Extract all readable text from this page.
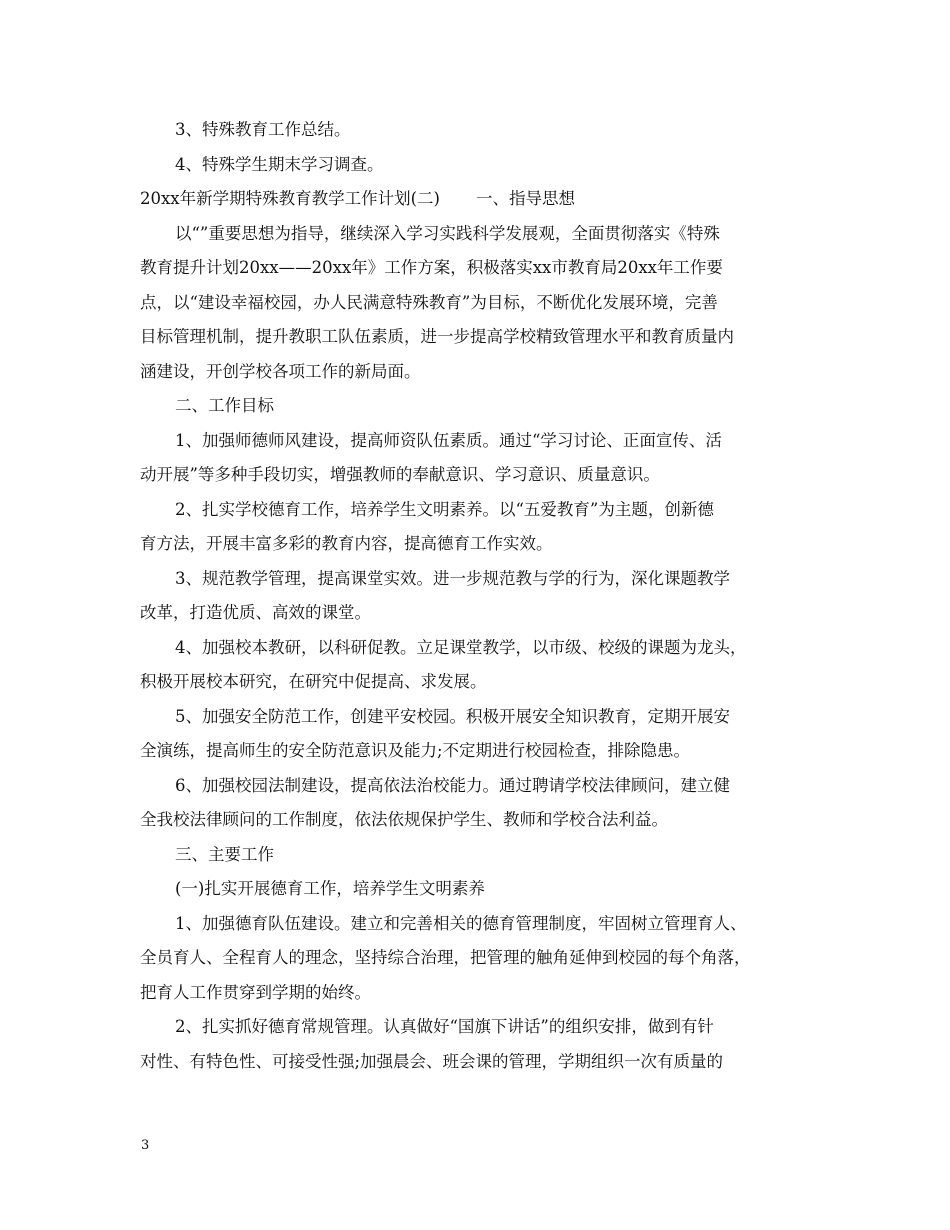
3、特殊教育工作总结。
4、特殊学生期末学习调查。
20xx年新学期特殊教育教学工作计划(二) 一、指导思想
以“”重要思想为指导，继续深入学习实践科学发展观，全面贯彻落实《特殊
教育提升计划20xx——20xx年》工作方案，积极落实xx市教育局20xx年工作要
点，以“建设幸福校园，办人民满意特殊教育”为目标，不断优化发展环境，完善
目标管理机制，提升教职工队伍素质，进一步提高学校精致管理水平和教育质量内
涵建设，开创学校各项工作的新局面。
二、工作目标
1、加强师德师风建设，提高师资队伍素质。通过“学习讨论、正面宣传、活
动开展”等多种手段切实，增强教师的奉献意识、学习意识、质量意识。
2、扎实学校德育工作，培养学生文明素养。以“五爱教育”为主题，创新德
育方法，开展丰富多彩的教育内容，提高德育工作实效。
3、规范教学管理，提高课堂实效。进一步规范教与学的行为，深化课题教学
改革，打造优质、高效的课堂。
4、加强校本教研，以科研促教。立足课堂教学，以市级、校级的课题为龙头，
积极开展校本研究，在研究中促提高、求发展。
5、加强安全防范工作，创建平安校园。积极开展安全知识教育，定期开展安
全演练，提高师生的安全防范意识及能力;不定期进行校园检查，排除隐患。
6、加强校园法制建设，提高依法治校能力。通过聘请学校法律顾问，建立健
全我校法律顾问的工作制度，依法依规保护学生、教师和学校合法利益。
三、主要工作
(一)扎实开展德育工作，培养学生文明素养
1、加强德育队伍建设。建立和完善相关的德育管理制度，牢固树立管理育人、
全员育人、全程育人的理念，坚持综合治理，把管理的触角延伸到校园的每个角落，
把育人工作贯穿到学期的始终。
2、扎实抓好德育常规管理。认真做好“国旗下讲话”的组织安排，做到有针
对性、有特色性、可接受性强;加强晨会、班会课的管理，学期组织一次有质量的
3
